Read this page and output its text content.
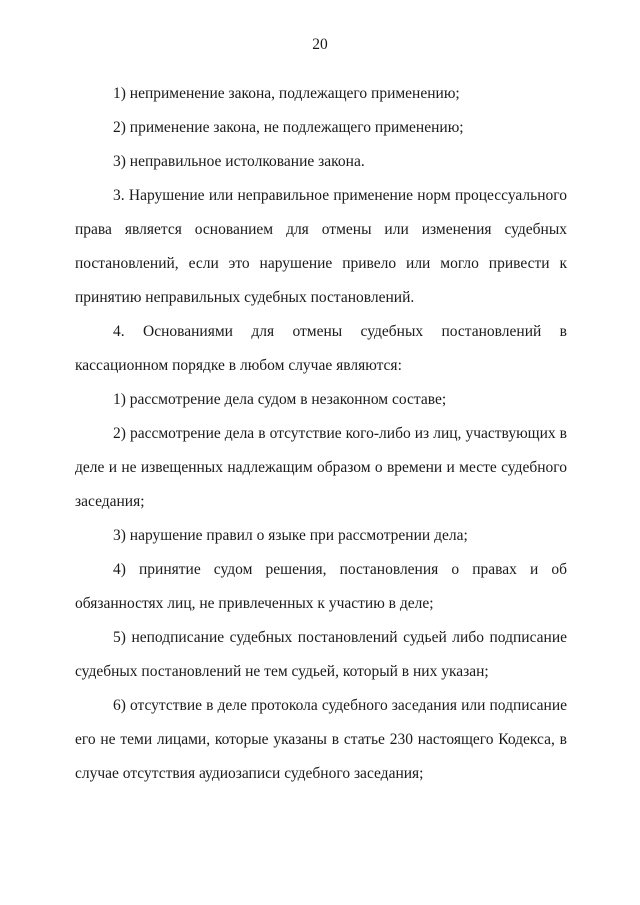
20

1) неприменение закона, подлежащего применению;

2) применение закона, не подлежащего применению;

3) неправильное истолкование закона.

3. Нарушение или неправильное применение норм процессуального права является основанием для отмены или изменения судебных постановлений, если это нарушение привело или могло привести к принятию неправильных судебных постановлений.

4. Основаниями для отмены судебных постановлений в кассационном порядке в любом случае являются:

1) рассмотрение дела судом в незаконном составе;

2) рассмотрение дела в отсутствие кого-либо из лиц, участвующих в деле и не извещенных надлежащим образом о времени и месте судебного заседания;

3) нарушение правил о языке при рассмотрении дела;

4) принятие судом решения, постановления о правах и об обязанностях лиц, не привлеченных к участию в деле;

5) неподписание судебных постановлений судьей либо подписание судебных постановлений не тем судьей, который в них указан;

6) отсутствие в деле протокола судебного заседания или подписание его не теми лицами, которые указаны в статье 230 настоящего Кодекса, в случае отсутствия аудиозаписи судебного заседания;
